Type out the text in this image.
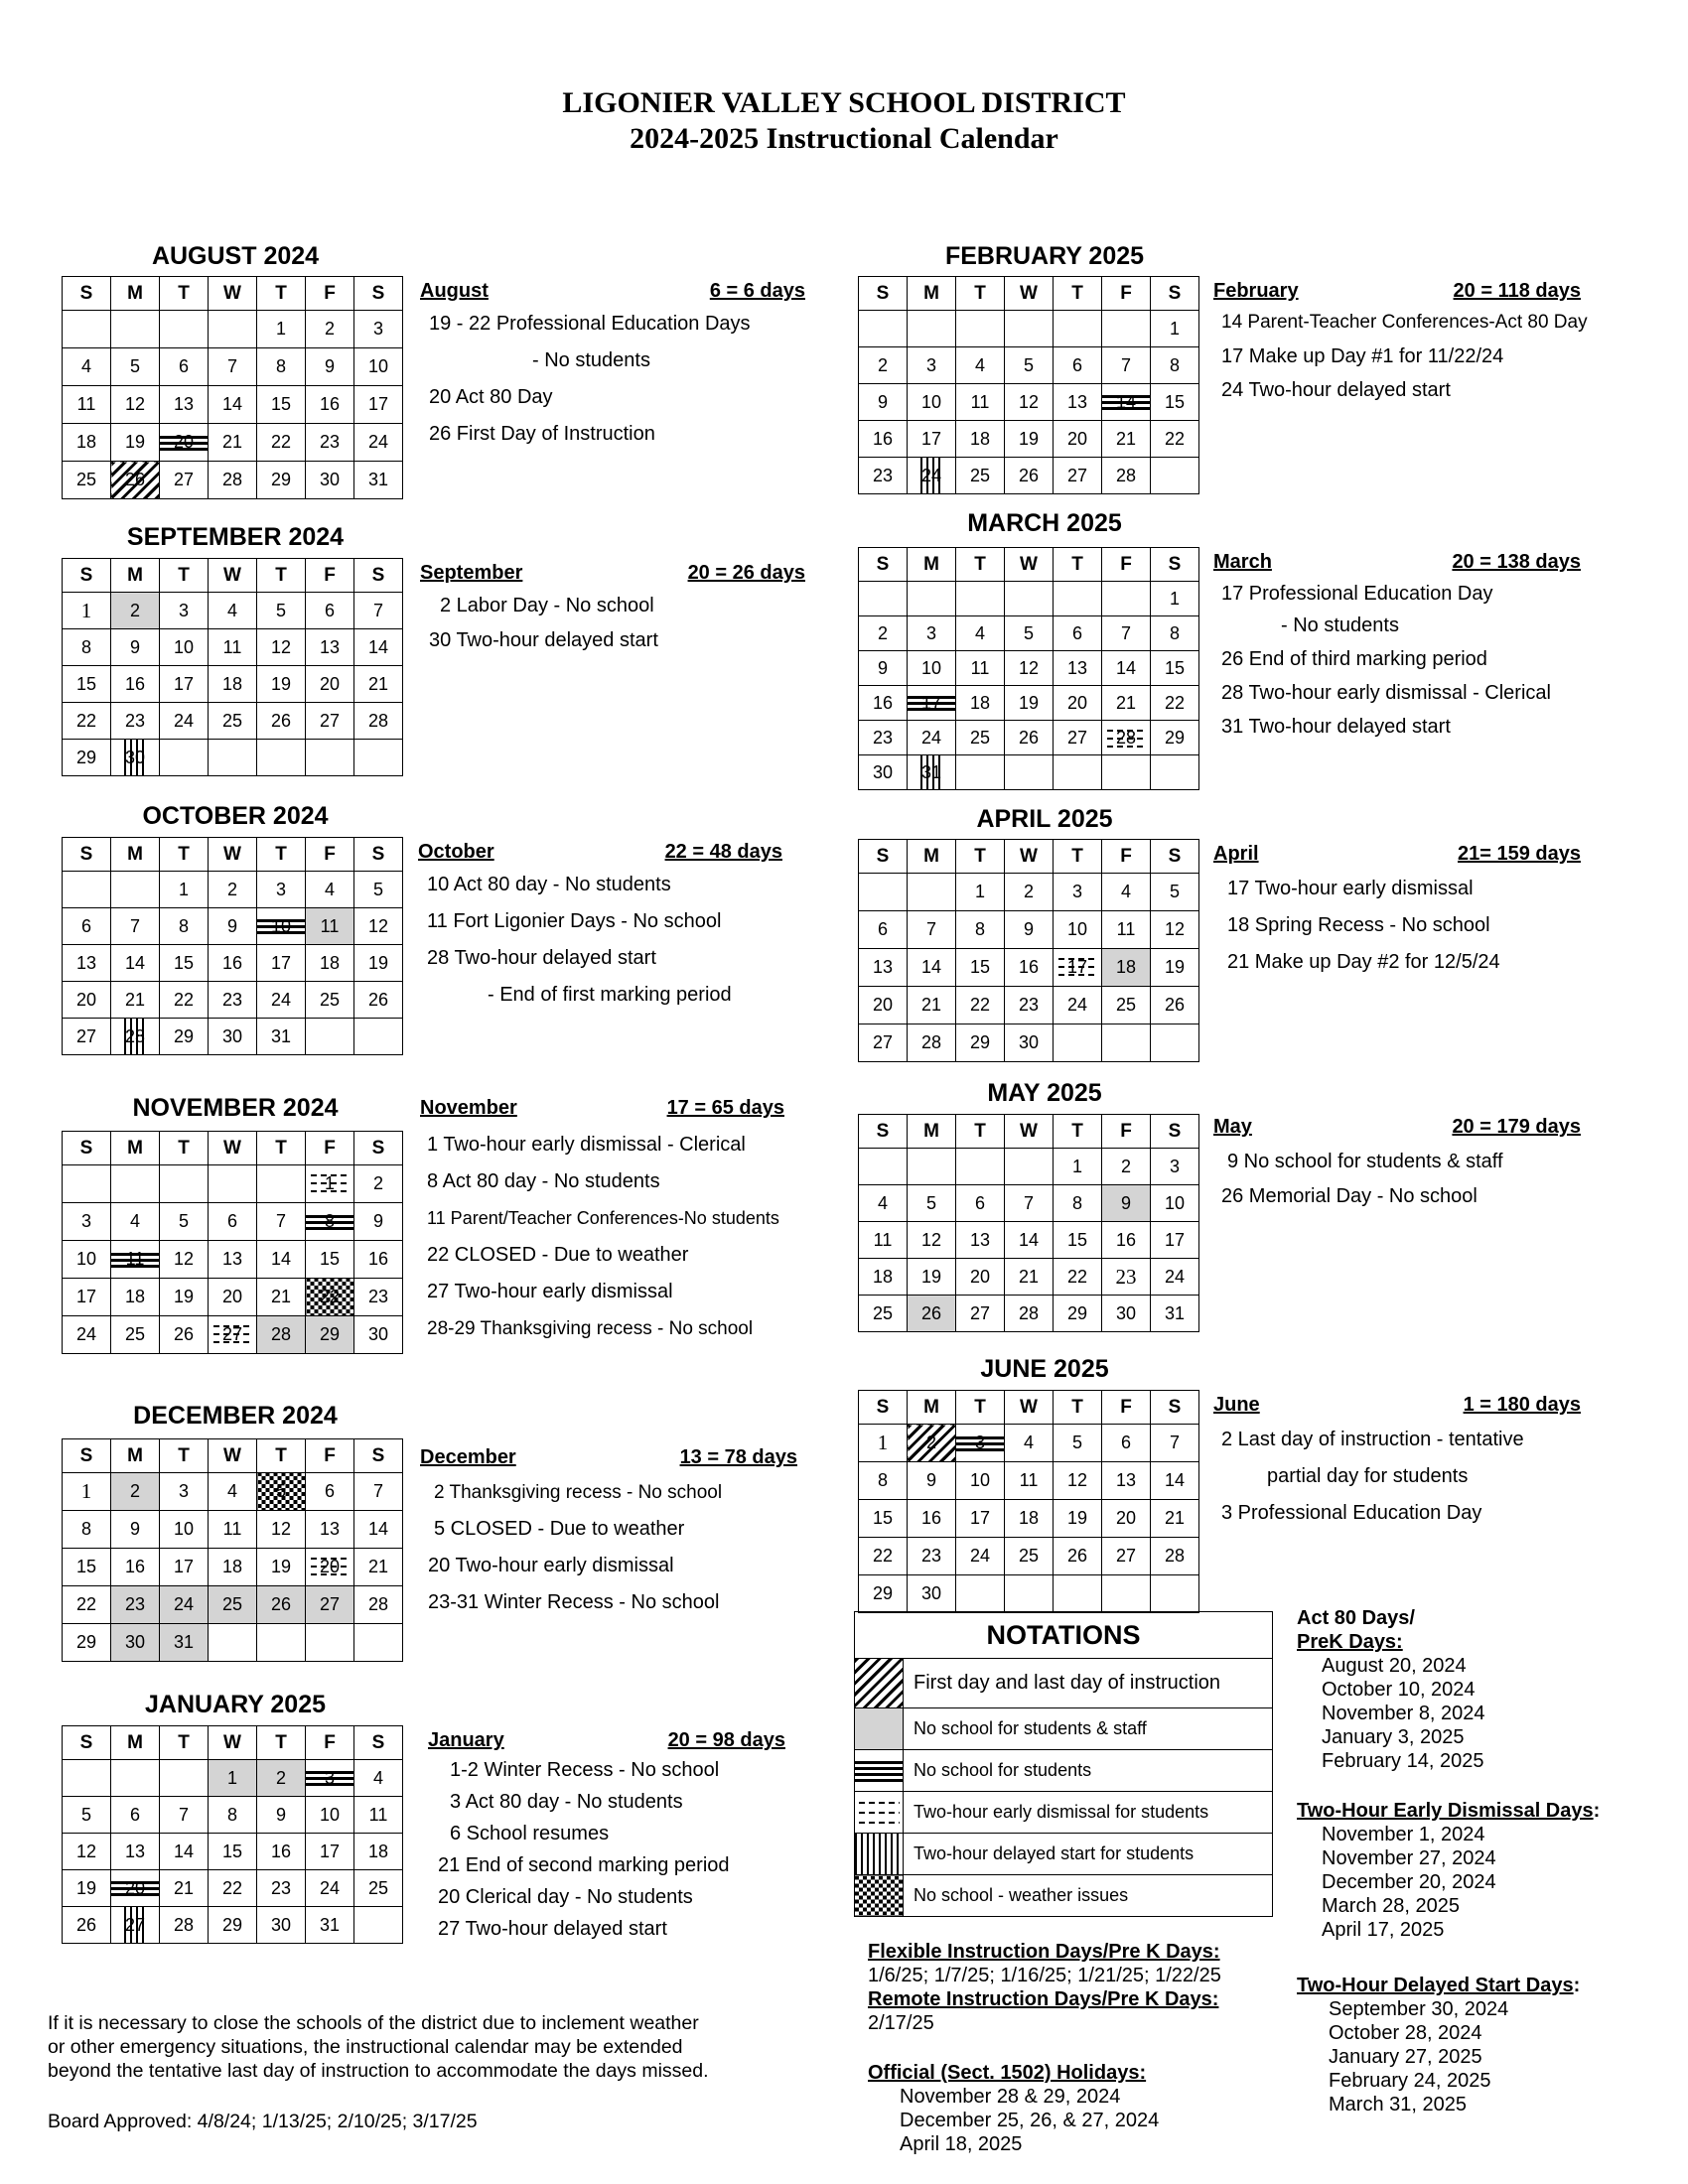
LIGONIER VALLEY SCHOOL DISTRICT
2024-2025 Instructional Calendar
AUGUST 2024
S	M	T	W	T	F	S
				1	2	3
4	5	6	7	8	9	10
11	12	13	14	15	16	17
18	19	20	21	22	23	24
25	26	27	28	29	30	31
August	6 = 6 days
19 - 22 Professional Education Days
- No students
20 Act 80 Day
26 First Day of Instruction
SEPTEMBER 2024
S	M	T	W	T	F	S
1	2	3	4	5	6	7
8	9	10	11	12	13	14
15	16	17	18	19	20	21
22	23	24	25	26	27	28
29	30					
September	20 = 26 days
2 Labor Day - No school
30 Two-hour delayed start
OCTOBER 2024
S	M	T	W	T	F	S
		1	2	3	4	5
6	7	8	9	10	11	12
13	14	15	16	17	18	19
20	21	22	23	24	25	26
27	28	29	30	31		
October	22 = 48 days
10 Act 80 day - No students
11 Fort Ligonier Days - No school
28 Two-hour delayed start
- End of first marking period
NOVEMBER 2024
S	M	T	W	T	F	S
					1	2
3	4	5	6	7	8	9
10	11	12	13	14	15	16
17	18	19	20	21	22	23
24	25	26	27	28	29	30
November	17 = 65 days
1 Two-hour early dismissal - Clerical
8 Act 80 day - No students
11 Parent/Teacher Conferences-No students
22 CLOSED - Due to weather
27 Two-hour early dismissal
28-29 Thanksgiving recess - No school
DECEMBER 2024
S	M	T	W	T	F	S
1	2	3	4	5	6	7
8	9	10	11	12	13	14
15	16	17	18	19	20	21
22	23	24	25	26	27	28
29	30	31				
December	13 = 78 days
2 Thanksgiving recess - No school
5 CLOSED - Due to weather
20 Two-hour early dismissal
23-31 Winter Recess - No school
JANUARY 2025
S	M	T	W	T	F	S
			1	2	3	4
5	6	7	8	9	10	11
12	13	14	15	16	17	18
19	20	21	22	23	24	25
26	27	28	29	30	31	
January	20 = 98 days
1-2 Winter Recess - No school
3 Act 80 day - No students
6 School resumes
21 End of second marking period
20 Clerical day - No students
27 Two-hour delayed start
FEBRUARY 2025
S	M	T	W	T	F	S
						1
2	3	4	5	6	7	8
9	10	11	12	13	14	15
16	17	18	19	20	21	22
23	24	25	26	27	28	
February	20 = 118 days
14 Parent-Teacher Conferences-Act 80 Day
17 Make up Day #1 for 11/22/24
24 Two-hour delayed start
MARCH 2025
S	M	T	W	T	F	S
						1
2	3	4	5	6	7	8
9	10	11	12	13	14	15
16	17	18	19	20	21	22
23	24	25	26	27	28	29
30	31					
March	20 = 138 days
17 Professional Education Day
- No students
26 End of third marking period
28 Two-hour early dismissal - Clerical
31 Two-hour delayed start
APRIL 2025
S	M	T	W	T	F	S
		1	2	3	4	5
6	7	8	9	10	11	12
13	14	15	16	17	18	19
20	21	22	23	24	25	26
27	28	29	30			
April	21= 159 days
17 Two-hour early dismissal
18 Spring Recess - No school
21 Make up Day #2 for 12/5/24
MAY 2025
S	M	T	W	T	F	S
				1	2	3
4	5	6	7	8	9	10
11	12	13	14	15	16	17
18	19	20	21	22	23	24
25	26	27	28	29	30	31
May	20 = 179 days
9 No school for students & staff
26 Memorial Day - No school
JUNE 2025
S	M	T	W	T	F	S
1	2	3	4	5	6	7
8	9	10	11	12	13	14
15	16	17	18	19	20	21
22	23	24	25	26	27	28
29	30					
June	1 = 180 days
2 Last day of instruction - tentative
partial day for students
3 Professional Education Day
NOTATIONS
First day and last day of instruction
No school for students & staff
No school for students
Two-hour early dismissal for students
Two-hour delayed start for students
No school - weather issues
Act 80 Days/
PreK Days:
August 20, 2024
October 10, 2024
November 8, 2024
January 3, 2025
February 14, 2025
Two-Hour Early Dismissal Days:
November 1, 2024
November 27, 2024
December 20, 2024
March 28, 2025
April 17, 2025
Two-Hour Delayed Start Days:
September 30, 2024
October 28, 2024
January 27, 2025
February 24, 2025
March 31, 2025
Flexible Instruction Days/Pre K Days:
1/6/25; 1/7/25; 1/16/25; 1/21/25; 1/22/25
Remote Instruction Days/Pre K Days:
2/17/25
Official (Sect. 1502) Holidays:
November 28 & 29, 2024
December 25, 26, & 27, 2024
April 18, 2025
If it is necessary to close the schools of the district due to inclement weather
or other emergency situations, the instructional calendar may be extended
beyond the tentative last day of instruction to accommodate the days missed.
Board Approved: 4/8/24; 1/13/25; 2/10/25; 3/17/25
